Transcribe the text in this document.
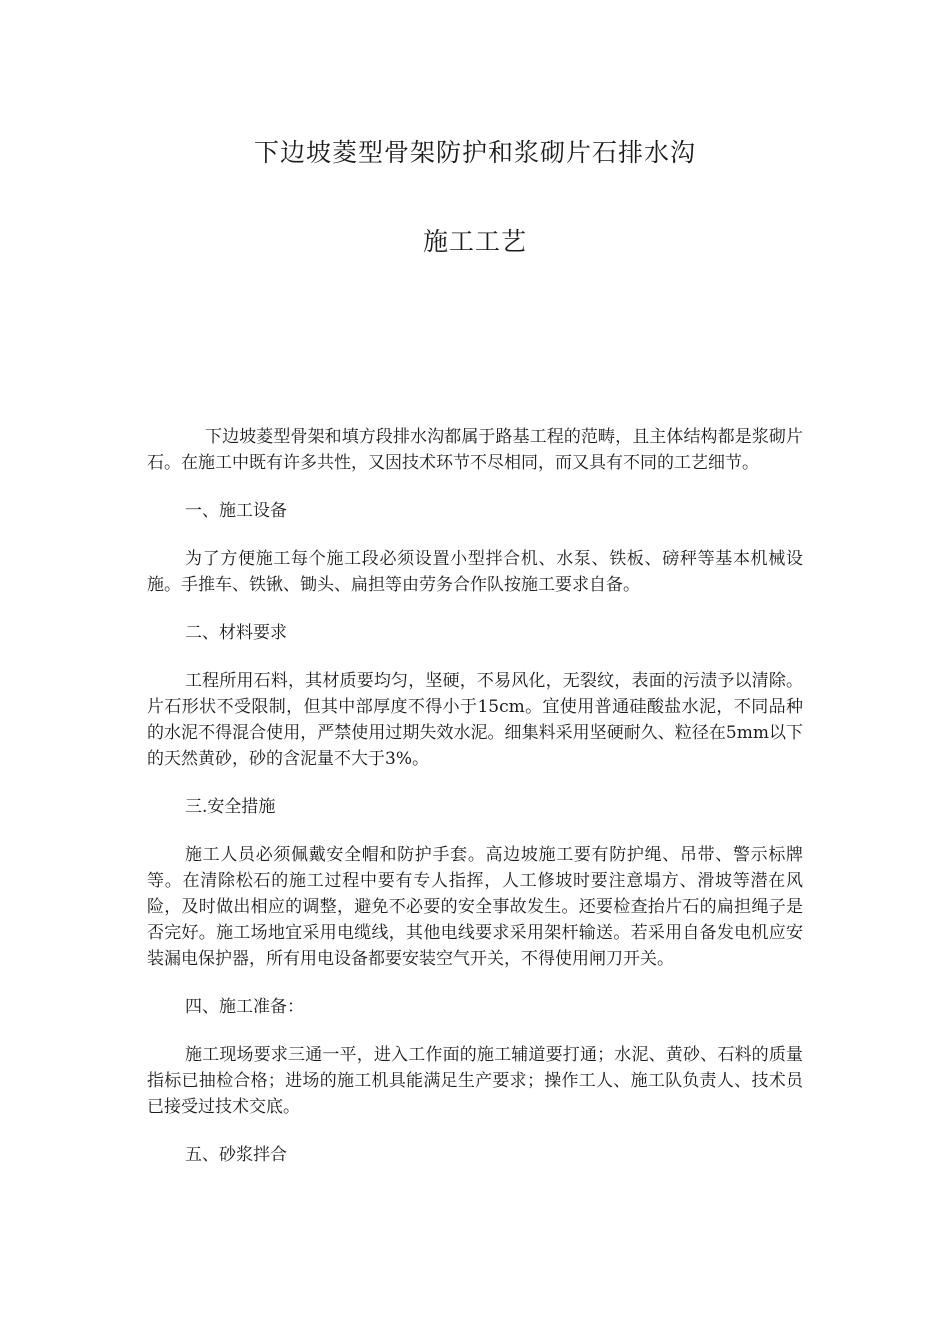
下边坡菱型骨架防护和浆砌片石排水沟
施工工艺

下边坡菱型骨架和填方段排水沟都属于路基工程的范畴，且主体结构都是浆砌片石。在施工中既有许多共性，又因技术环节不尽相同，而又具有不同的工艺细节。

一、施工设备

为了方便施工每个施工段必须设置小型拌合机、水泵、铁板、磅秤等基本机械设施。手推车、铁锹、锄头、扁担等由劳务合作队按施工要求自备。

二、材料要求

工程所用石料，其材质要均匀，坚硬，不易风化，无裂纹，表面的污渍予以清除。片石形状不受限制，但其中部厚度不得小于15cm。宜使用普通硅酸盐水泥，不同品种的水泥不得混合使用，严禁使用过期失效水泥。细集料采用坚硬耐久、粒径在5mm以下的天然黄砂，砂的含泥量不大于3%。

三.安全措施

施工人员必须佩戴安全帽和防护手套。高边坡施工要有防护绳、吊带、警示标牌等。在清除松石的施工过程中要有专人指挥，人工修坡时要注意塌方、滑坡等潜在风险，及时做出相应的调整，避免不必要的安全事故发生。还要检查抬片石的扁担绳子是否完好。施工场地宜采用电缆线，其他电线要求采用架杆输送。若采用自备发电机应安装漏电保护器，所有用电设备都要安装空气开关，不得使用闸刀开关。

四、施工准备：

施工现场要求三通一平，进入工作面的施工辅道要打通；水泥、黄砂、石料的质量指标已抽检合格；进场的施工机具能满足生产要求；操作工人、施工队负责人、技术员已接受过技术交底。

五、砂浆拌合
